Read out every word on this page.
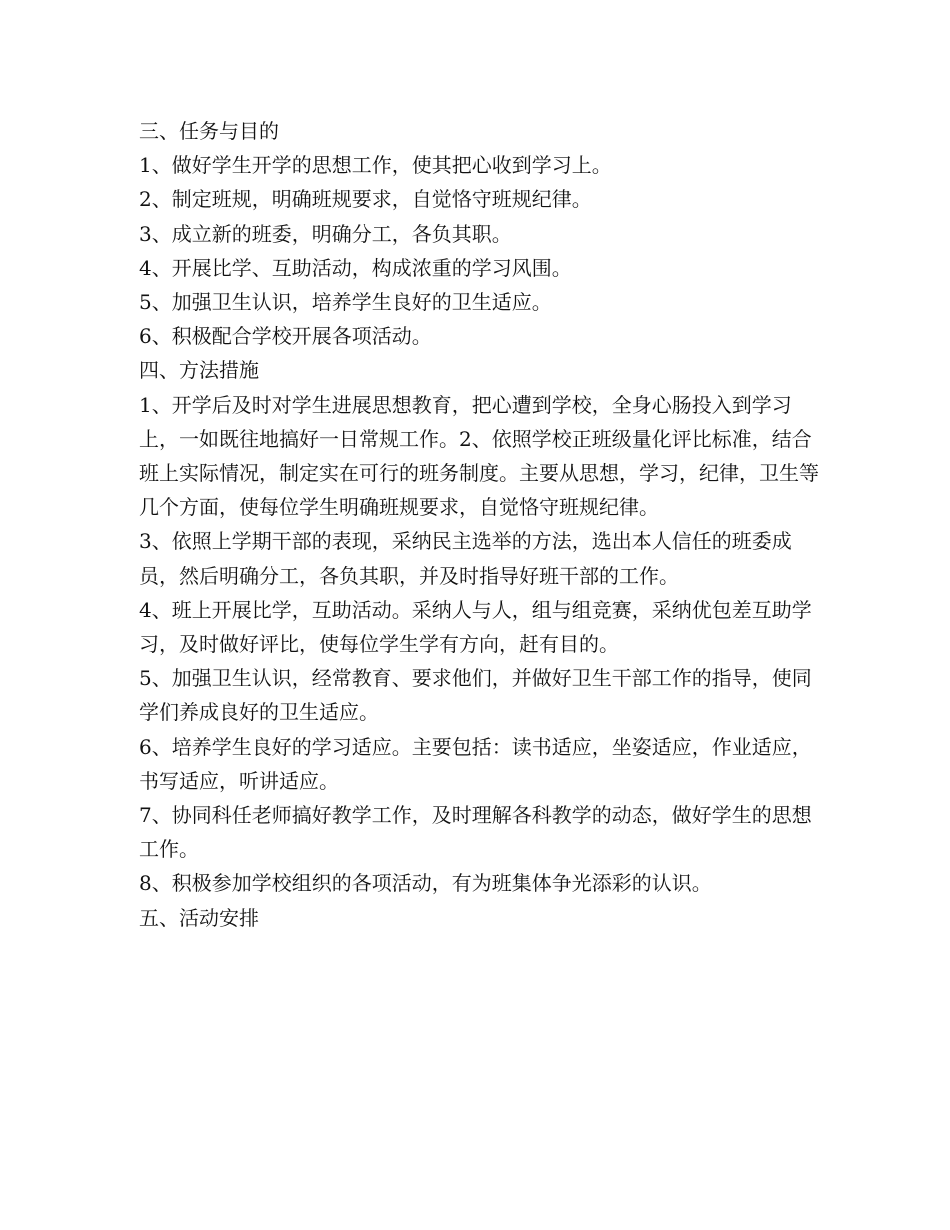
三、任务与目的

1、做好学生开学的思想工作，使其把心收到学习上。

2、制定班规，明确班规要求，自觉恪守班规纪律。

3、成立新的班委，明确分工，各负其职。

4、开展比学、互助活动，构成浓重的学习风围。

5、加强卫生认识，培养学生良好的卫生适应。

6、积极配合学校开展各项活动。

四、方法措施

1、开学后及时对学生进展思想教育，把心遭到学校，全身心肠投入到学习上，一如既往地搞好一日常规工作。2、依照学校正班级量化评比标准，结合班上实际情况，制定实在可行的班务制度。主要从思想，学习，纪律，卫生等几个方面，使每位学生明确班规要求，自觉恪守班规纪律。

3、依照上学期干部的表现，采纳民主选举的方法，选出本人信任的班委成员，然后明确分工，各负其职，并及时指导好班干部的工作。

4、班上开展比学，互助活动。采纳人与人，组与组竞赛，采纳优包差互助学习，及时做好评比，使每位学生学有方向，赶有目的。

5、加强卫生认识，经常教育、要求他们，并做好卫生干部工作的指导，使同学们养成良好的卫生适应。

6、培养学生良好的学习适应。主要包括：读书适应，坐姿适应，作业适应，书写适应，听讲适应。

7、协同科任老师搞好教学工作，及时理解各科教学的动态，做好学生的思想工作。

8、积极参加学校组织的各项活动，有为班集体争光添彩的认识。

五、活动安排
